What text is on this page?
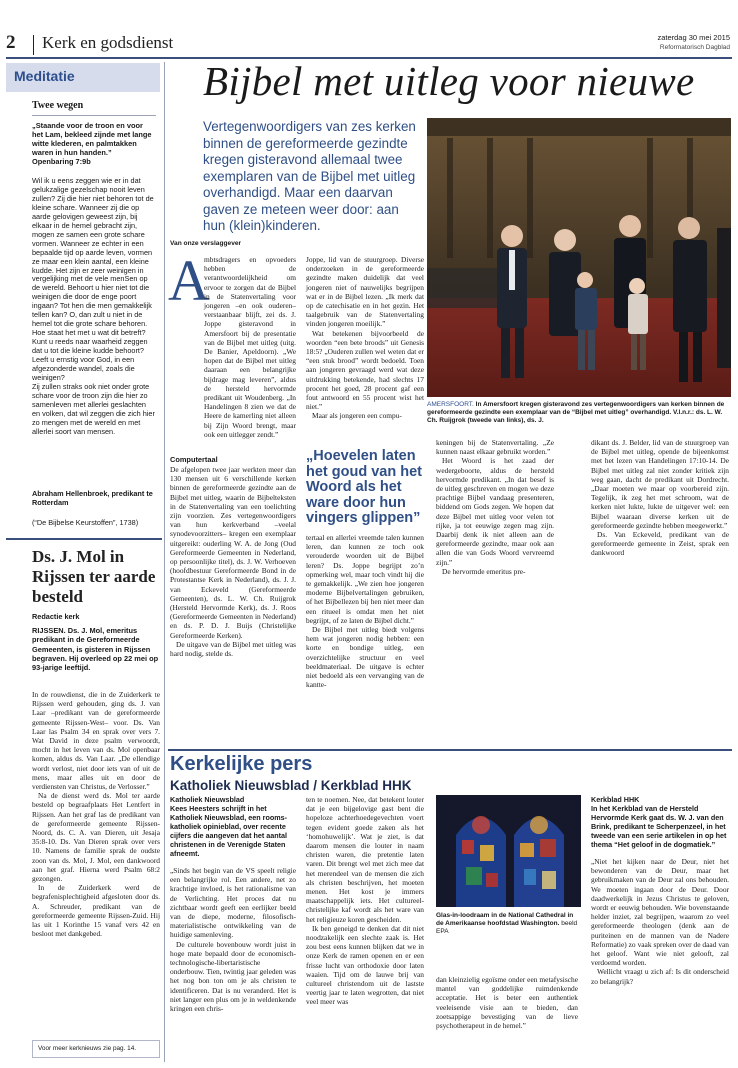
2 Kerk en godsdienst	zaterdag 30 mei 2015
Reformatorisch Dagblad
Meditatie
Twee wegen
„Staande voor de troon en voor het Lam, bekleed zijnde met lange witte klederen, en palmtakken waren in hun handen.”
Openbaring 7:9b

Wil ik u eens zeggen wie er in dat gelukzalige gezelschap nooit leven zullen? Zij die hier niet behoren tot de kleine schare. Wanneer zij die op aarde gelovigen geweest zijn, bij elkaar in de hemel gebracht zijn, mogen ze samen een grote schare vormen. Wanneer ze echter in een bepaalde tijd op aarde leven, vormen ze maar een klein aantal, een kleine kudde. Het zijn er zeer weinigen in vergelijking met de vele menSen op de wereld. Behoort u hier niet tot die weinigen die door de enge poort ingaan? Tot hen die men gemakkelijk tellen kan? O, dan zult u niet in de hemel tot die grote schare behoren. Hoe staat het met u wat dit betreft? Kunt u reeds naar waarheid zeggen dat u tot die kleine kudde behoort? Leeft u ernstig voor God, in een afgezonderde wandel, zoals die weinigen?

Zij zullen straks ook niet onder grote schare voor de troon zijn die hier zo samenleven met allerlei geslachten en volken, dat wil zeggen die zich hier zo mengen met de wereld en met allerlei soort van mensen.

Abraham Hellenbroek, predikant te Rotterdam
(“De Bijbelse Keurstoffen”, 1738)
Ds. J. Mol in Rijssen ter aarde besteld
Redactie kerk

RIJSSEN. Ds. J. Mol, emeritus predikant in de Gereformeerde Gemeenten, is gisteren in Rijssen begraven. Hij overleed op 22 mei op 93-jarige leeftijd.

In de rouwdienst, die in de Zuiderkerk te Rijssen werd gehouden, ging ds. J. van Laar –predikant van de gereformeerde gemeente Rijssen-West– voor. Ds. Van Laar las Psalm 34 en sprak over vers 7. Wat David in deze psalm verwoordt, mocht in het leven van ds. Mol openbaar komen, aldus ds. Van Laar. „De ellendige wordt verlost, niet door iets van of uit de mens, maar alles uit en door de verdiensten van Christus, de Verlosser.”

Na de dienst werd ds. Mol ter aarde besteld op begraafplaats Het Lentfert in Rijssen. Aan het graf las de predikant van de gereformeerde gemeente Rijssen-Noord, ds. C. A. van Dieren, uit Jesaja 35:8-10. Ds. Van Dieren sprak over vers 10. Namens de familie sprak de oudste zoon van ds. Mol, J. Mol, een dankwoord aan het graf. Hierna werd Psalm 68:2 gezongen.

In de Zuiderkerk werd de begrafenisplechtigheid afgesloten door ds. A. Schreuder, predikant van de gereformeerde gemeente Rijssen-Zuid. Hij las uit 1 Korinthe 15 vanaf vers 42 en besloot met dankgebed.

Voor meer kerknieuws zie pag. 14.
Bijbel met uitleg voor nieuwe
Vertegenwoordigers van zes kerken binnen de gereformeerde gezindte kregen gisteravond allemaal twee exemplaren van de Bijbel met uitleg overhandigd. Maar een daarvan gaven ze meteen weer door: aan hun (klein)kinderen.
AMERSFOORT. In Amersfoort kregen gisteravond zes vertegenwoordigers van kerken binnen de gereformeerde gezindte een exemplaar van de “Bijbel met uitleg” overhandigd. V.l.n.r.: ds. L. W. Ch. Ruijgrok (tweede van links), ds. J.
Van onze verslaggever
A

mbtsdragers en opvoeders hebben de verantwoordelijkheid om ervoor te zorgen dat de Bijbel in de Statenvertaling voor jongeren –en ook ouderen– verstaanbaar blijft, zei ds. J. Joppe gisteravond in Amersfoort bij de presentatie van de Bijbel met uitleg (uitg. De Banier, Apeldoorn). „We hopen dat de Bijbel met uitleg daaraan een belangrijke bijdrage mag leveren”, aldus de hersteld hervormde predikant uit Woudenberg. „In Handelingen 8 zien we dat de Heere de kamerling niet alleen bij Zijn Woord brengt, maar ook een uitlegger zendt.”

Computertaal

De afgelopen twee jaar werkten meer dan 130 mensen uit 6 verschillende kerken binnen de gereformeerde gezindte aan de Bijbel met uitleg, waarin de Bijbelteksten in de Statenvertaling van een toelichting zijn voorzien. Zes vertegenwoordigers van hun kerkverband –veelal synodevoorzitters– kregen een exemplaar uitgereikt: ouderling W. A. de Jong (Oud Gereformeerde Gemeenten in Nederland, op persoonlijke titel), ds. J. W. Verhoeven (hoofdbestuur Gereformeerde Bond in de Protestantse Kerk in Nederland), ds. J. J. van Eckeveld (Gereformeerde Gemeenten), ds. L. W. Ch. Ruijgrok (Hersteld Hervormde Kerk), ds. J. Roos (Gereformeerde Gemeenten in Nederland) en ds. P. D. J. Buijs (Christelijke Gereformeerde Kerken).

De uitgave van de Bijbel met uitleg was hard nodig, stelde ds.

Joppe, lid van de stuurgroep. Diverse onderzoeken in de gereformeerde gezindte maken duidelijk dat veel jongeren niet of nauwelijks begrijpen wat er in de Bijbel lezen. „Ik merk dat op de catechisatie en in het gezin. Het taalgebruik van de Statenvertaling vinden jongeren moeilijk.”

Wat betekenen bijvoorbeeld de woorden “een bete broods” uit Genesis 18:5? „Ouderen zullen wel weten dat er “een stuk brood” wordt bedoeld. Toen aan jongeren gevraagd werd wat deze uitdrukking betekende, had slechts 17 procent het goed, 28 procent gaf een fout antwoord en 55 procent wist het niet.”

Maar als jongeren een compu-

„Hoevelen laten het goud van het Woord als het ware door hun vingers glippen”

tertaal en allerlei vreemde talen kunnen leren, dan kunnen ze toch ook verouderde woorden uit de Bijbel leren? Ds. Joppe begrijpt zo’n opmerking wel, maar toch vindt hij die te gemakkelijk. „We zien hoe jongeren moderne Bijbelvertalingen gebruiken, of het Bijbellezen bij hen niet meer dan een ritueel is omdat men het niet begrijpt, of ze laten de Bijbel dicht.”

De Bijbel met uitleg biedt volgens hem wat jongeren nodig hebben: een korte en bondige uitleg, een overzichtelijke structuur en veel beeldmateriaal. De uitgave is echter niet bedoeld als een vervanging van de kantte-

keningen bij de Statenvertaling. „Ze kunnen naast elkaar gebruikt worden.”

Het Woord is het zaad der wedergeboorte, aldus de hersteld hervormde predikant. „In dat besef is de uitleg geschreven en mogen we deze prachtige Bijbel vandaag presenteren, biddend om Gods zegen. We hopen dat deze Bijbel met uitleg voor velen tot rijke, ja tot eeuwige zegen mag zijn. Daarbij denk ik niet alleen aan de gereformeerde gezindte, maar ook aan allen die van Gods Woord vervreemd zijn.”

De hervormde emeritus pre-

dikant ds. J. Belder, lid van de stuurgroep van de Bijbel met uitleg, opende de bijeenkomst met het lezen van Handelingen 17:10-14. De Bijbel met uitleg zal niet zonder kritiek zijn weg gaan, dacht de predikant uit Dordrecht. „Daar moeten we maar op voorbereid zijn. Tegelijk, ik zeg het met schroom, wat de kerken niet lukte, lukte de uitgever wel: een Bijbel waaraan diverse kerken uit de gereformeerde gezindte hebben meegewerkt.”

Ds. Van Eckeveld, predikant van de gereformeerde gemeente in Zeist, sprak een dankwoord

Kerkelijke pers
Katholiek Nieuwsblad / Kerkblad HHK

Katholiek Nieuwsblad
Kees Heesters schrijft in het Katholiek Nieuwsblad, een rooms-katholiek opinieblad, over recente cijfers die aangeven dat het aantal christenen in de Verenigde Staten afneemt.

„Sinds het begin van de VS speelt religie een belangrijke rol. Een andere, net zo krachtige invloed, is het rationalisme van de Verlichting. Het proces dat nu zichtbaar wordt geeft een eerlijker beeld van de diepe, moderne, filosofisch-materialistische ontwikkeling van de huidige samenleving.

De culturele bovenbouw wordt juist in hoge mate bepaald door de economisch-technologische-libertaristische onderbouw. Tien, twintig jaar geleden was het nog bon ton om je als christen te identificeren. Dat is nu veranderd. Het is niet langer een plus om je in weldenkende kringen een chris-

ten te noemen. Nee, dat betekent louter dat je een bijgelovige gast bent die hopeloze achterhoedegevechten voert tegen evident goede zaken als het ‘homohuwelijk’. Wat je ziet, is dat daarom mensen die louter in naam christen waren, die pretentie laten varen. Dit brengt wel met zich mee dat het merendeel van de mensen die zich als christen beschrijven, het moeten menen. Het kost je immers maatschappelijk iets. Het cultureel-christelijke kaf wordt als het ware van het religieuze koren gescheiden.

Ik ben geneigd te denken dat dit niet noodzakelijk een slechte zaak is. Het zou best eens kunnen blijken dat we in onze Kerk de ramen openen en er een frisse lucht van orthodoxie door laten waaien. Tijd om de lauwe brij van cultureel christendom uit de lastste veertig jaar te laten wegrotten, dat niet veel meer was

Glas-in-loodraam in de National Cathedral in de Amerikaanse hoofdstad Washington. beeld EPA

dan kleinzielig egoïsme onder een metafysische mantel van goddelijke ruimdenkende acceptatie. Het is beter een authentiek veeleisende visie aan te bieden, dan zoetsappige bevestiging van de lieve psychotherapeut in de hemel.”

Kerkblad HHK
In het Kerkblad van de Hersteld Hervormde Kerk gaat ds. W. J. van den Brink, predikant te Scherpenzeel, in het tweede van een serie artikelen in op het thema “Het geloof in de dogmatiek.”

„Niet het kijken naar de Deur, niet het bewonderen van de Deur, maar het gebruikmaken van de Deur zal ons behouden. We moeten ingaan door de Deur. Door daadwerkelijk in Jezus Christus te geloven, wordt er eeuwig behouden. Wie bovenstaande helder inziet, zal begrijpen, waarom zo veel gereformeerde theologen (denk aan de puriteinen en de mannen van de Nadere Reformatie) zo vaak spreken over de daad van het geloof. Want wie niet gelooft, zal verdoemd worden.

Wellicht vraagt u zich af: Is dit onderscheid zo belangrijk?
